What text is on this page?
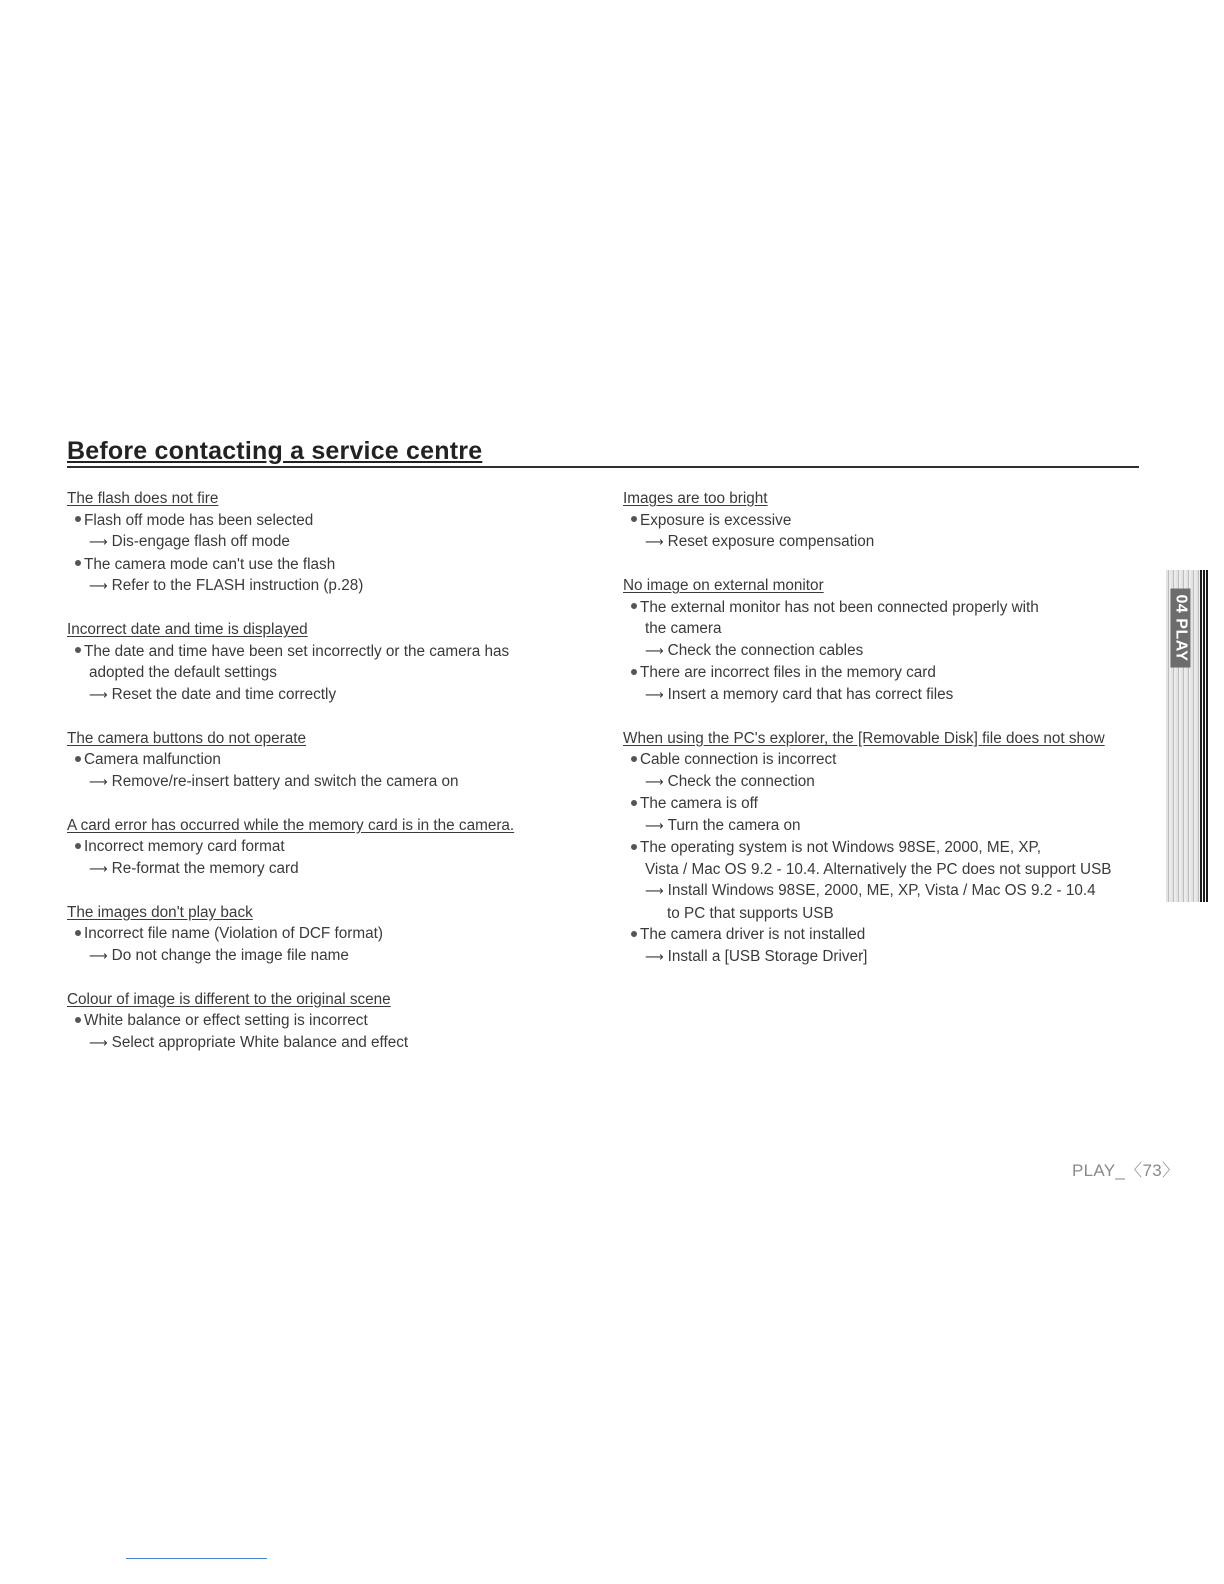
Before contacting a service centre
The flash does not fire
Flash off mode has been selected
⟶ Dis-engage flash off mode
The camera mode can't use the flash
⟶ Refer to the FLASH instruction (p.28)
Incorrect date and time is displayed
The date and time have been set incorrectly or the camera has
adopted the default settings
⟶ Reset the date and time correctly
The camera buttons do not operate
Camera malfunction
⟶ Remove/re-insert battery and switch the camera on
A card error has occurred while the memory card is in the camera.
Incorrect memory card format
⟶ Re-format the memory card
The images don't play back
Incorrect file name (Violation of DCF format)
⟶ Do not change the image file name
Colour of image is different to the original scene
White balance or effect setting is incorrect
⟶ Select appropriate White balance and effect
Images are too bright
Exposure is excessive
⟶ Reset exposure compensation
No image on external monitor
The external monitor has not been connected properly with
the camera
⟶ Check the connection cables
There are incorrect files in the memory card
⟶ Insert a memory card that has correct files
When using the PC's explorer, the [Removable Disk] file does not show
Cable connection is incorrect
⟶ Check the connection
The camera is off
⟶ Turn the camera on
The operating system is not Windows 98SE, 2000, ME, XP,
Vista / Mac OS 9.2 - 10.4. Alternatively the PC does not support USB
⟶ Install Windows 98SE, 2000, ME, XP, Vista / Mac OS 9.2 - 10.4
to PC that supports USB
The camera driver is not installed
⟶ Install a [USB Storage Driver]
04 PLAY
PLAY_〈73〉
